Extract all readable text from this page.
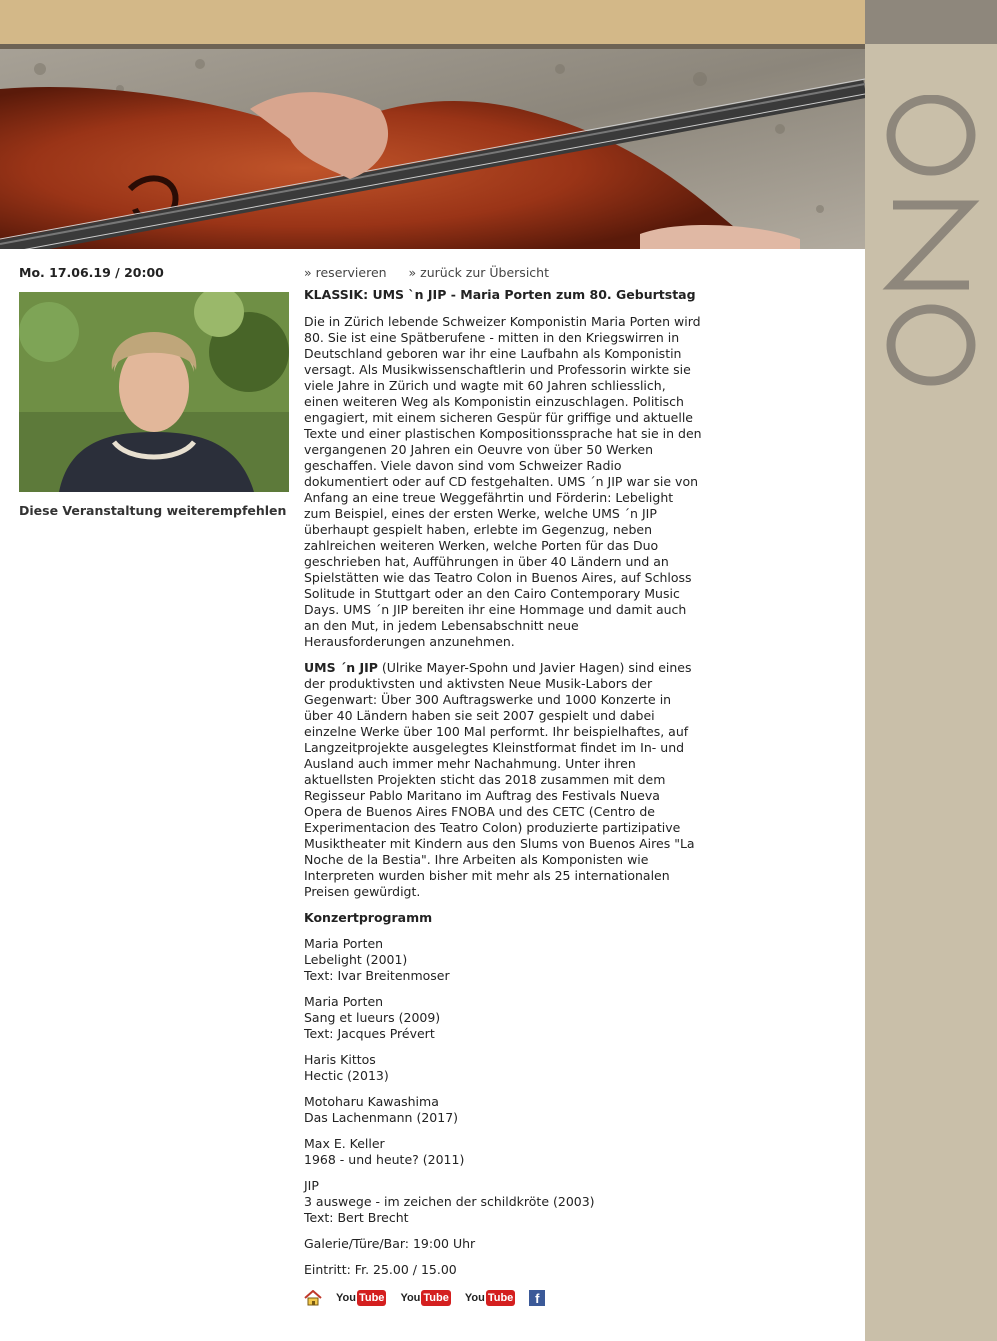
Mo. 17.06.19 / 20:00
Diese Veranstaltung weiterempfehlen
» reservieren » zurück zur Übersicht
KLASSIK: UMS `n JIP - Maria Porten zum 80. Geburtstag

Die in Zürich lebende Schweizer Komponistin Maria Porten wird 80. Sie ist eine Spätberufene - mitten in den Kriegswirren in Deutschland geboren war ihr eine Laufbahn als Komponistin versagt. Als Musikwissenschaftlerin und Professorin wirkte sie viele Jahre in Zürich und wagte mit 60 Jahren schliesslich, einen weiteren Weg als Komponistin einzuschlagen. Politisch engagiert, mit einem sicheren Gespür für griffige und aktuelle Texte und einer plastischen Kompositionssprache hat sie in den vergangenen 20 Jahren ein Oeuvre von über 50 Werken geschaffen. Viele davon sind vom Schweizer Radio dokumentiert oder auf CD festgehalten. UMS ´n JIP war sie von Anfang an eine treue Weggefährtin und Förderin: Lebelight zum Beispiel, eines der ersten Werke, welche UMS ´n JIP überhaupt gespielt haben, erlebte im Gegenzug, neben zahlreichen weiteren Werken, welche Porten für das Duo geschrieben hat, Aufführungen in über 40 Ländern und an Spielstätten wie das Teatro Colon in Buenos Aires, auf Schloss Solitude in Stuttgart oder an den Cairo Contemporary Music Days. UMS ´n JIP bereiten ihr eine Hommage und damit auch an den Mut, in jedem Lebensabschnitt neue Herausforderungen anzunehmen.

UMS ´n JIP (Ulrike Mayer-Spohn und Javier Hagen) sind eines der produktivsten und aktivsten Neue Musik-Labors der Gegenwart: Über 300 Auftragswerke und 1000 Konzerte in über 40 Ländern haben sie seit 2007 gespielt und dabei einzelne Werke über 100 Mal performt. Ihr beispielhaftes, auf Langzeitprojekte ausgelegtes Kleinstformat findet im In- und Ausland auch immer mehr Nachahmung. Unter ihren aktuellsten Projekten sticht das 2018 zusammen mit dem Regisseur Pablo Maritano im Auftrag des Festivals Nueva Opera de Buenos Aires FNOBA und des CETC (Centro de Experimentacion des Teatro Colon) produzierte partizipative Musiktheater mit Kindern aus den Slums von Buenos Aires "La Noche de la Bestia". Ihre Arbeiten als Komponisten wie Interpreten wurden bisher mit mehr als 25 internationalen Preisen gewürdigt.

Konzertprogramm
Maria Porten
Lebelight (2001)
Text: Ivar Breitenmoser
Maria Porten
Sang et lueurs (2009)
Text: Jacques Prévert
Haris Kittos
Hectic (2013)
Motoharu Kawashima
Das Lachenmann (2017)
Max E. Keller
1968 - und heute? (2011)
JIP
3 auswege - im zeichen der schildkröte (2003)
Text: Bert Brecht
Galerie/Türe/Bar: 19:00 Uhr
Eintritt: Fr. 25.00 / 15.00
You Tube You Tube You Tube	f
